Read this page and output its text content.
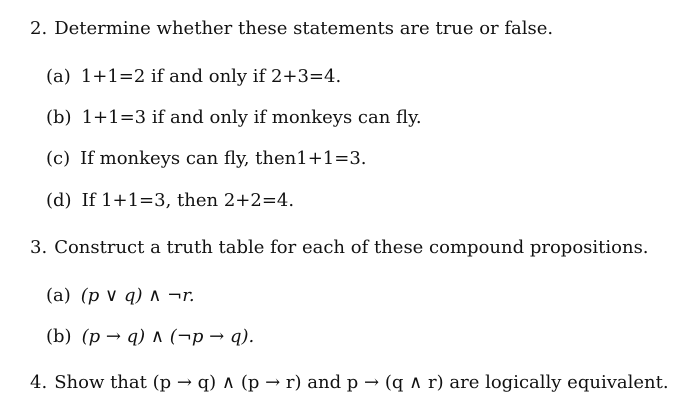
2. Determine whether these statements are true or false.
(a) 1+1=2 if and only if 2+3=4.
(b) 1+1=3 if and only if monkeys can fly.
(c) If monkeys can fly, then1+1=3.
(d) If 1+1=3, then 2+2=4.
3. Construct a truth table for each of these compound propositions.
(a) (p ∨ q) ∧ ¬r.
(b) (p → q) ∧ (¬p → q).
4. Show that (p → q) ∧ (p → r) and p → (q ∧ r) are logically equivalent.
